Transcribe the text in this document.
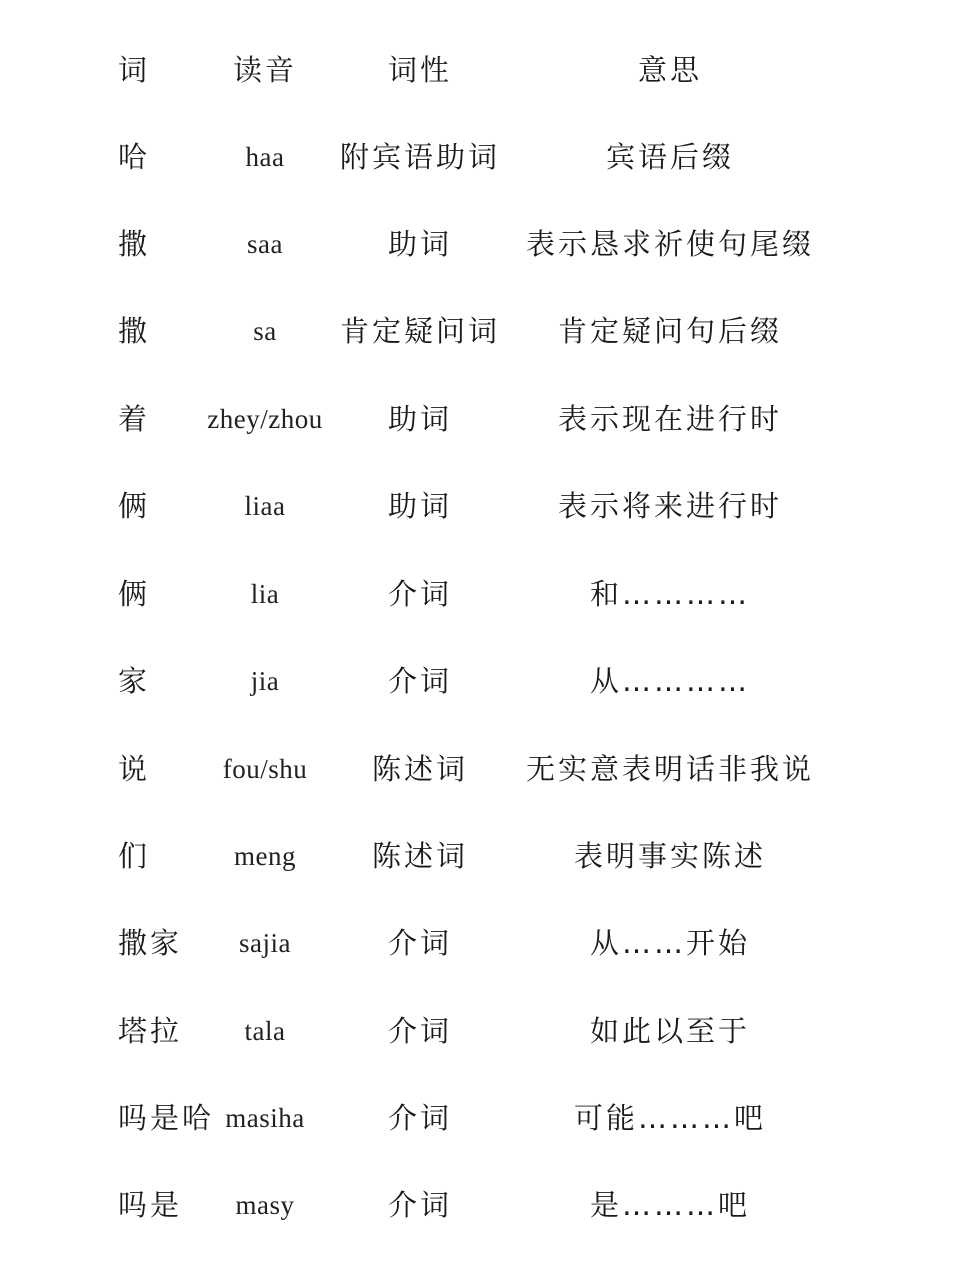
词	读音	词性	意思
哈	haa	附宾语助词	宾语后缀
撒	saa	助词	表示恳求祈使句尾缀
撒	sa	肯定疑问词	肯定疑问句后缀
着	zhey/zhou	助词	表示现在进行时
俩	liaa	助词	表示将来进行时
俩	lia	介词	和…………
家	jia	介词	从…………
说	fou/shu	陈述词	无实意表明话非我说
们	meng	陈述词	表明事实陈述
撒家	sajia	介词	从……开始
塔拉	tala	介词	如此以至于
吗是哈 masiha	介词	可能………吧
吗是	masy	介词	是………吧
